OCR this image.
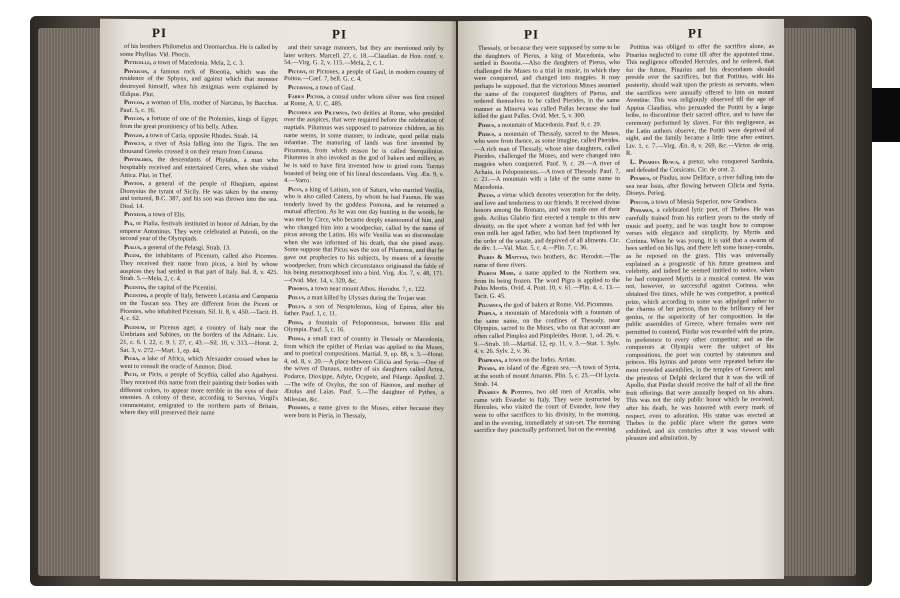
PI	PI

of his brothers Philomelus and Onomarchus. He is called by some Phyllius. Vid. Phocis.

Pitticelle, a town of Macedonia. Mela, 2, c. 3.

Phyxicon, a famous rock of Boeotia, which was the residence of the Sphynx, and against which that monster destroyed himself, when his ænigmas were explained by Œdipus. Plut.

Phycoa, a woman of Elis, mother of Narcæus, by Bacchus. Pauf. 5, c. 16.

Phycon, a fortune of one of the Ptolemies, kings of Egypt; from the great prominency of his belly. Athen.

Phygos, a town of Caria, opposite Rhodes. Strab. 14.

Physcus, a river of Asia falling into the Tigris. The ten thousand Greeks crossed it on their return from Cunaxa.

Phytalides, the descendants of Phytalus, a man who hospitably received and entertained Ceres, when she visited Attica. Plut. in Thef.

Phyton, a general of the people of Rhegium, against Dionysius the tyrant of Sicily. He was taken by the enemy and tortured, B.C. 387, and his son was thrown into the sea. Diod. 14.

Phyxium, a town of Elis.

Pia, or Pialia, festivals instituted in honor of Adrian, by the emperor Antoninus. They were celebrated at Puteoli, on the second year of the Olympiads.

Pialus, a general of the Pelasgi. Strab. 13.

Piceni, the inhabitants of Picenum, called also Picentes. They received their name from picus, a bird by whose auspices they had settled in that part of Italy. Ital. 8, v. 425. Strab. 5.—Mela, 2, c. 4.

Picentia, the capital of the Picentini.

Picentini, a people of Italy, between Lucania and Campania on the Tuscan sea. They are different from the Piceni or Picentes, who inhabited Picenum. Sil. It. 8, v. 450.—Tacit. H. 4, c. 62.

Picenum, or Picenus ager, a country of Italy near the Umbrians and Sabines, on the borders of the Adriatic. Liv. 21, c. 6. l. 22, c. 9. l. 27, c. 43.—Sil. 10, v. 313.—Horat. 2, Sat. 3, v. 272.—Mart. 1, ep. 44.

Picra, a lake of Africa, which Alexander crossed when he went to consult the oracle of Ammon. Diod.

Picti, or Picts, a people of Scythia, called also Agathyrsi. They received this name from their painting their bodies with different colors, to appear more terrible in the eyes of their enemies. A colony of these, according to Servius, Virgil's commentator, emigrated to the northern parts of Britain, where they still preserved their name

and their savage manners, but they are mentioned only by later writers. Marcell. 27, c. 18.—Claudian. de Hon. conf. v. 54.—Virg. G. 2, v. 115.—Mela, 2, c. 1.

Pictavi, or Pictones, a people of Gaul, in modern country of Poitou.—Caef. 7, bell. G. c. 4.

Pictavium, a town of Gaul.

Fabius Pictor, a consul under whom silver was first coined at Rome, A. U. C. 485.

Picumnus and Pilumnus, two deities at Rome, who presided over the auspices, that were required before the celebration of nuptials. Pilumnus was supposed to patronize children, as his name seems, in some manner, to indicate, quod pellat mala infantiae. The manuring of lands was first invented by Picumnus, from which reason he is called Sterquilinius. Pilumnus is also invoked as the god of bakers and millers, as he is said to have first invented how to grind corn. Turnus boasted of being one of his lineal descendants. Virg. Æn. 9, v. 4.—Varro.

Picus, a king of Latium, son of Saturn, who married Venilia, who is also called Canens, by whom he had Faunus. He was tenderly loved by the goddess Pomona, and he returned a mutual affection. As he was one day hunting in the woods, he was met by Circe, who became deeply enamoured of him, and who changed him into a woodpecker, called by the name of picus among the Latins. His wife Venilia was so disconsolate when she was informed of his death, that she pined away. Some suppose that Picus was the son of Pilumnus, and that he gave out prophecies to his subjects, by means of a favorite woodpecker, from which circumstance originated the fable of his being metamorphosed into a bird. Virg. Æn. 7, v. 48, 171.—Ovid. Met. 14, v. 320, &c.

Pidorus, a town near mount Athos. Herodot. 7, c. 122.

Pielus, a man killed by Ulysses during the Trojan war.

Pielus, a son of Neoptolemus, king of Epirus, after his father. Pauf. 1, c. 11.

Piera, a fountain of Peloponnesus, between Elis and Olympia. Pauf. 5, c. 16.

Pieria, a small tract of country in Thessaly or Macedonia, from which the epithet of Pierian was applied to the Muses, and to poetical compositions. Martial. 9, ep. 88, v. 3.—Horat. 4, od. 8, v. 20.—A place between Cilicia and Syria.—One of the wives of Danaus, mother of six daughters called Actea, Podarce, Dioxippe, Adyte, Ocypete, and Pilarge. Apollod. 2.—The wife of Oxylus, the son of Hæmon, and mother of Ætolus and Laias. Pauf. 5.—The daughter of Pythes, a Milesian, &c.

Pierides, a name given to the Muses, either because they were born in Pieria, in Thessaly,

PI	PI

Thessaly, or because they were supposed by some to be the daughters of Pierus, a king of Macedonia, who settled in Boeotia.—Also the daughters of Pierus, who challenged the Muses to a trial in music, in which they were conquered, and changed into magpies. It may perhaps be supposed, that the victorious Muses assumed the name of the conquered daughters of Pierus, and ordered themselves to be called Pierides, in the same manner as Minerva was called Pallas because she had killed the giant Pallas. Ovid. Met. 5, v. 300.

Pierus, a mountain of Macedonia. Pauf. 9, c. 29.

Pierus, a mountain of Thessaly, sacred to the Muses, who were from thence, as some imagine, called Pierides.—A rich man of Thessaly, whose nine daughters, called Pierides, challenged the Muses, and were changed into magpies when conquered. Pauf. 9, c. 29.—A river of Achaia, in Peloponnesus.—A town of Thessaly. Pauf. 7, c. 21.—A mountain with a lake of the same name in Macedonia.

Pietas, a virtue which denotes veneration for the deity, and love and tenderness to our friends. It received divine honors among the Romans, and was made one of their gods. Acilius Glabrio first erected a temple to this new divinity, on the spot where a woman had fed with her own milk her aged father, who had been imprisoned by the order of the senate, and deprived of all aliments. Cic. de div. 1.—Val. Max. 5, c. 4.—Plin. 7, c. 36.

Pigres & Mattyas, two brothers, &c. Herodot.—The name of three rivers.

Pigrum Mare, a name applied to the Northern sea, from its being frozen. The word Pigra is applied to the Palus Meotis. Ovid. 4. Pont. 10, v. 61.—Plin. 4, c. 13.—Tacit. G. 45.

Pilumnus, the god of bakers at Rome. Vid. Picumnus.

Pimpla, a mountain of Macedonia with a fountain of the same name, on the confines of Thessaly, near Olympus, sacred to the Muses, who on that account are often called Pimplea and Pimpleides. Horat. 1, od. 26, v. 9.—Strab. 10.—Martial. 12, ep. 11, v. 3.—Stat. 1. Sylv. 4, v. 26. Sylv. 2, v. 36.

Pimprana, a town on the Indus. Arrian.

Pinara, an island of the Ægean sea.—A town of Syria, at the south of mount Amanus. Plin. 5, c. 25.—Of Lycia. Strab. 14.

Pinarius & Potitius, two old men of Arcadia, who came with Evander to Italy. They were instructed by Hercules, who visited the court of Evander, how they were to offer sacrifices to his divinity, in the morning, and in the evening, immediately at sun-set. The morning sacrifice they punctually performed, but on the evening

Potitius was obliged to offer the sacrifice alone, as Pinarius neglected to come till after the appointed time. This negligence offended Hercules, and he ordered, that for the future, Pinarius and his descendants should preside over the sacrifices, but that Potitius, with his posterity, should wait upon the priests as servants, when the sacrifices were annually offered to him on mount Aventine. This was religiously observed till the age of Appius Claudius, who persuaded the Potitii by a large bribe, to discontinue their sacred office, and to have the ceremony performed by slaves. For this negligence, as the Latin authors observe, the Potitii were deprived of sight, and the family became a little time after extinct. Liv. 1, c. 7.—Virg. Æn. 8, v. 269, &c.—Victor. de orig. R.

L. Pinarius Rusca, a pretor, who conquered Sardinia, and defeated the Corsicans. Cic. de orat. 2.

Pinarus, or Pindus, now Deliface, a river falling into the sea near Issus, after flowing between Cilicia and Syria. Dionys. Perieg.

Pincum, a town of Mœsia Superior, now Gradisca.

Pindarus, a celebrated lyric poet, of Thebes. He was carefully trained from his earliest years to the study of music and poetry, and he was taught how to compose verses with elegance and simplicity, by Myrtis and Corinna. When he was young, it is said that a swarm of bees settled on his lips, and there left some honey-combs, as he reposed on the grass. This was universally explained as a prognostic of his future greatness and celebrity, and indeed he seemed intitled to notice, when he had conquered Myrtis in a musical contest. He was not, however, so successful against Corinna, who obtained five times, while he was competitor, a poetical prize, which according to some was adjudged rather to the charms of her person, than to the brilliancy of her genius, or the superiority of her composition. In the public assemblies of Greece, where females were not permitted to contend, Pindar was rewarded with the prize, in preference to every other competitor; and as the conquerors at Olympia were the subject of his compositions, the poet was courted by statesmen and princes. His hymns and pæans were repeated before the most crowded assemblies, in the temples of Greece; and the priestess of Delphi declared that it was the will of Apollo, that Pindar should receive the half of all the first fruit offerings that were annually heaped on his altars. This was not the only public honor which he received; after his death, he was honored with every mark of respect, even to adoration. His statue was erected at Thebes in the public place where the games were exhibited, and six centuries after it was viewed with pleasure and admiration, by
